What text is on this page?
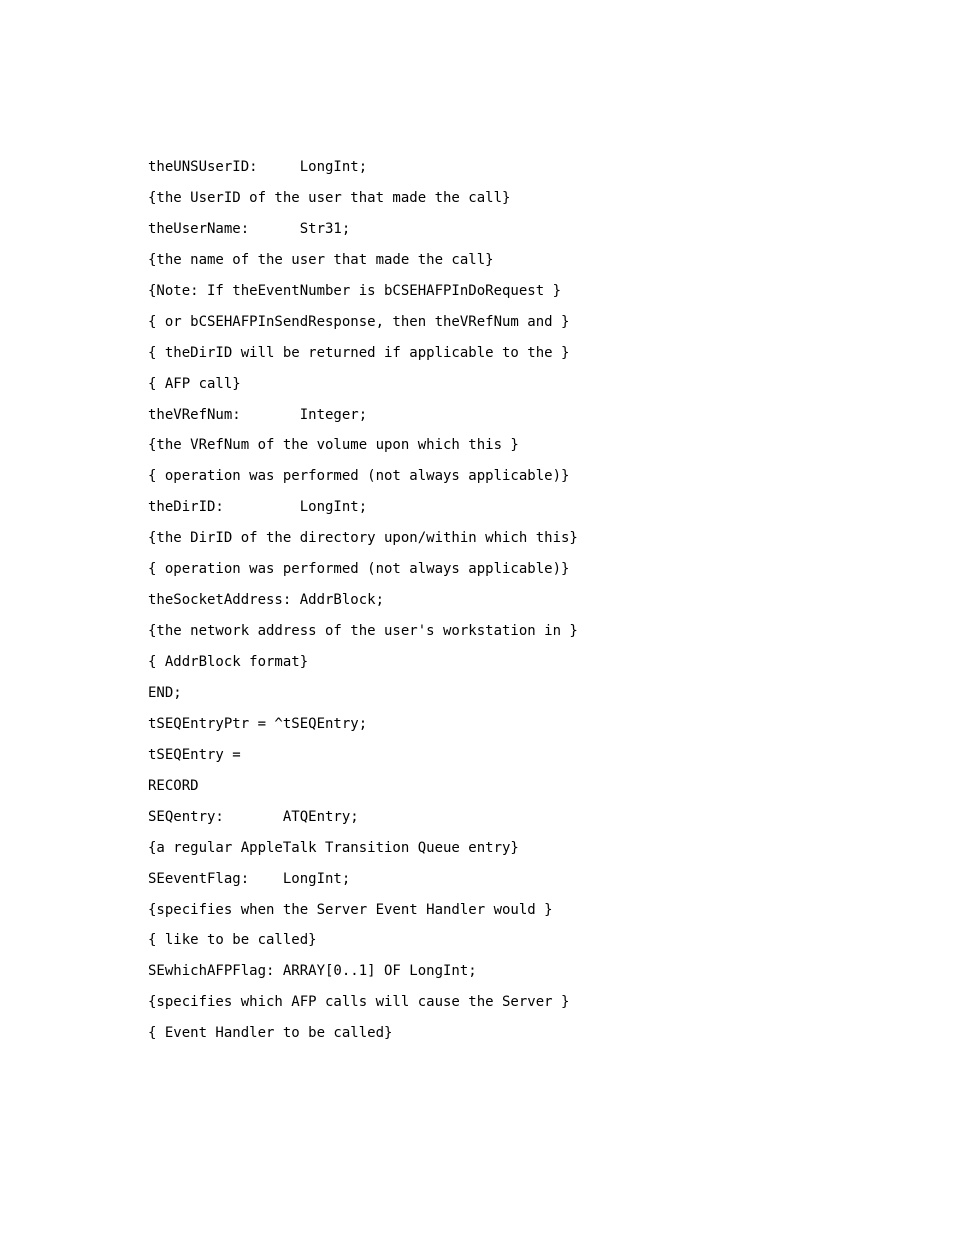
theUNSUserID:     LongInt;
{the UserID of the user that made the call}
theUserName:      Str31;
{the name of the user that made the call}
{Note: If theEventNumber is bCSEHAFPInDoRequest }
{ or bCSEHAFPInSendResponse, then theVRefNum and }
{ theDirID will be returned if applicable to the }
{ AFP call}
theVRefNum:       Integer;
{the VRefNum of the volume upon which this }
{ operation was performed (not always applicable)}
theDirID:         LongInt;
{the DirID of the directory upon/within which this}
{ operation was performed (not always applicable)}
theSocketAddress: AddrBlock;
{the network address of the user's workstation in }
{ AddrBlock format}
END;
tSEQEntryPtr = ^tSEQEntry;
tSEQEntry =
RECORD
SEQentry:       ATQEntry;
{a regular AppleTalk Transition Queue entry}
SEeventFlag:    LongInt;
{specifies when the Server Event Handler would }
{ like to be called}
SEwhichAFPFlag: ARRAY[0..1] OF LongInt;
{specifies which AFP calls will cause the Server }
{ Event Handler to be called}
